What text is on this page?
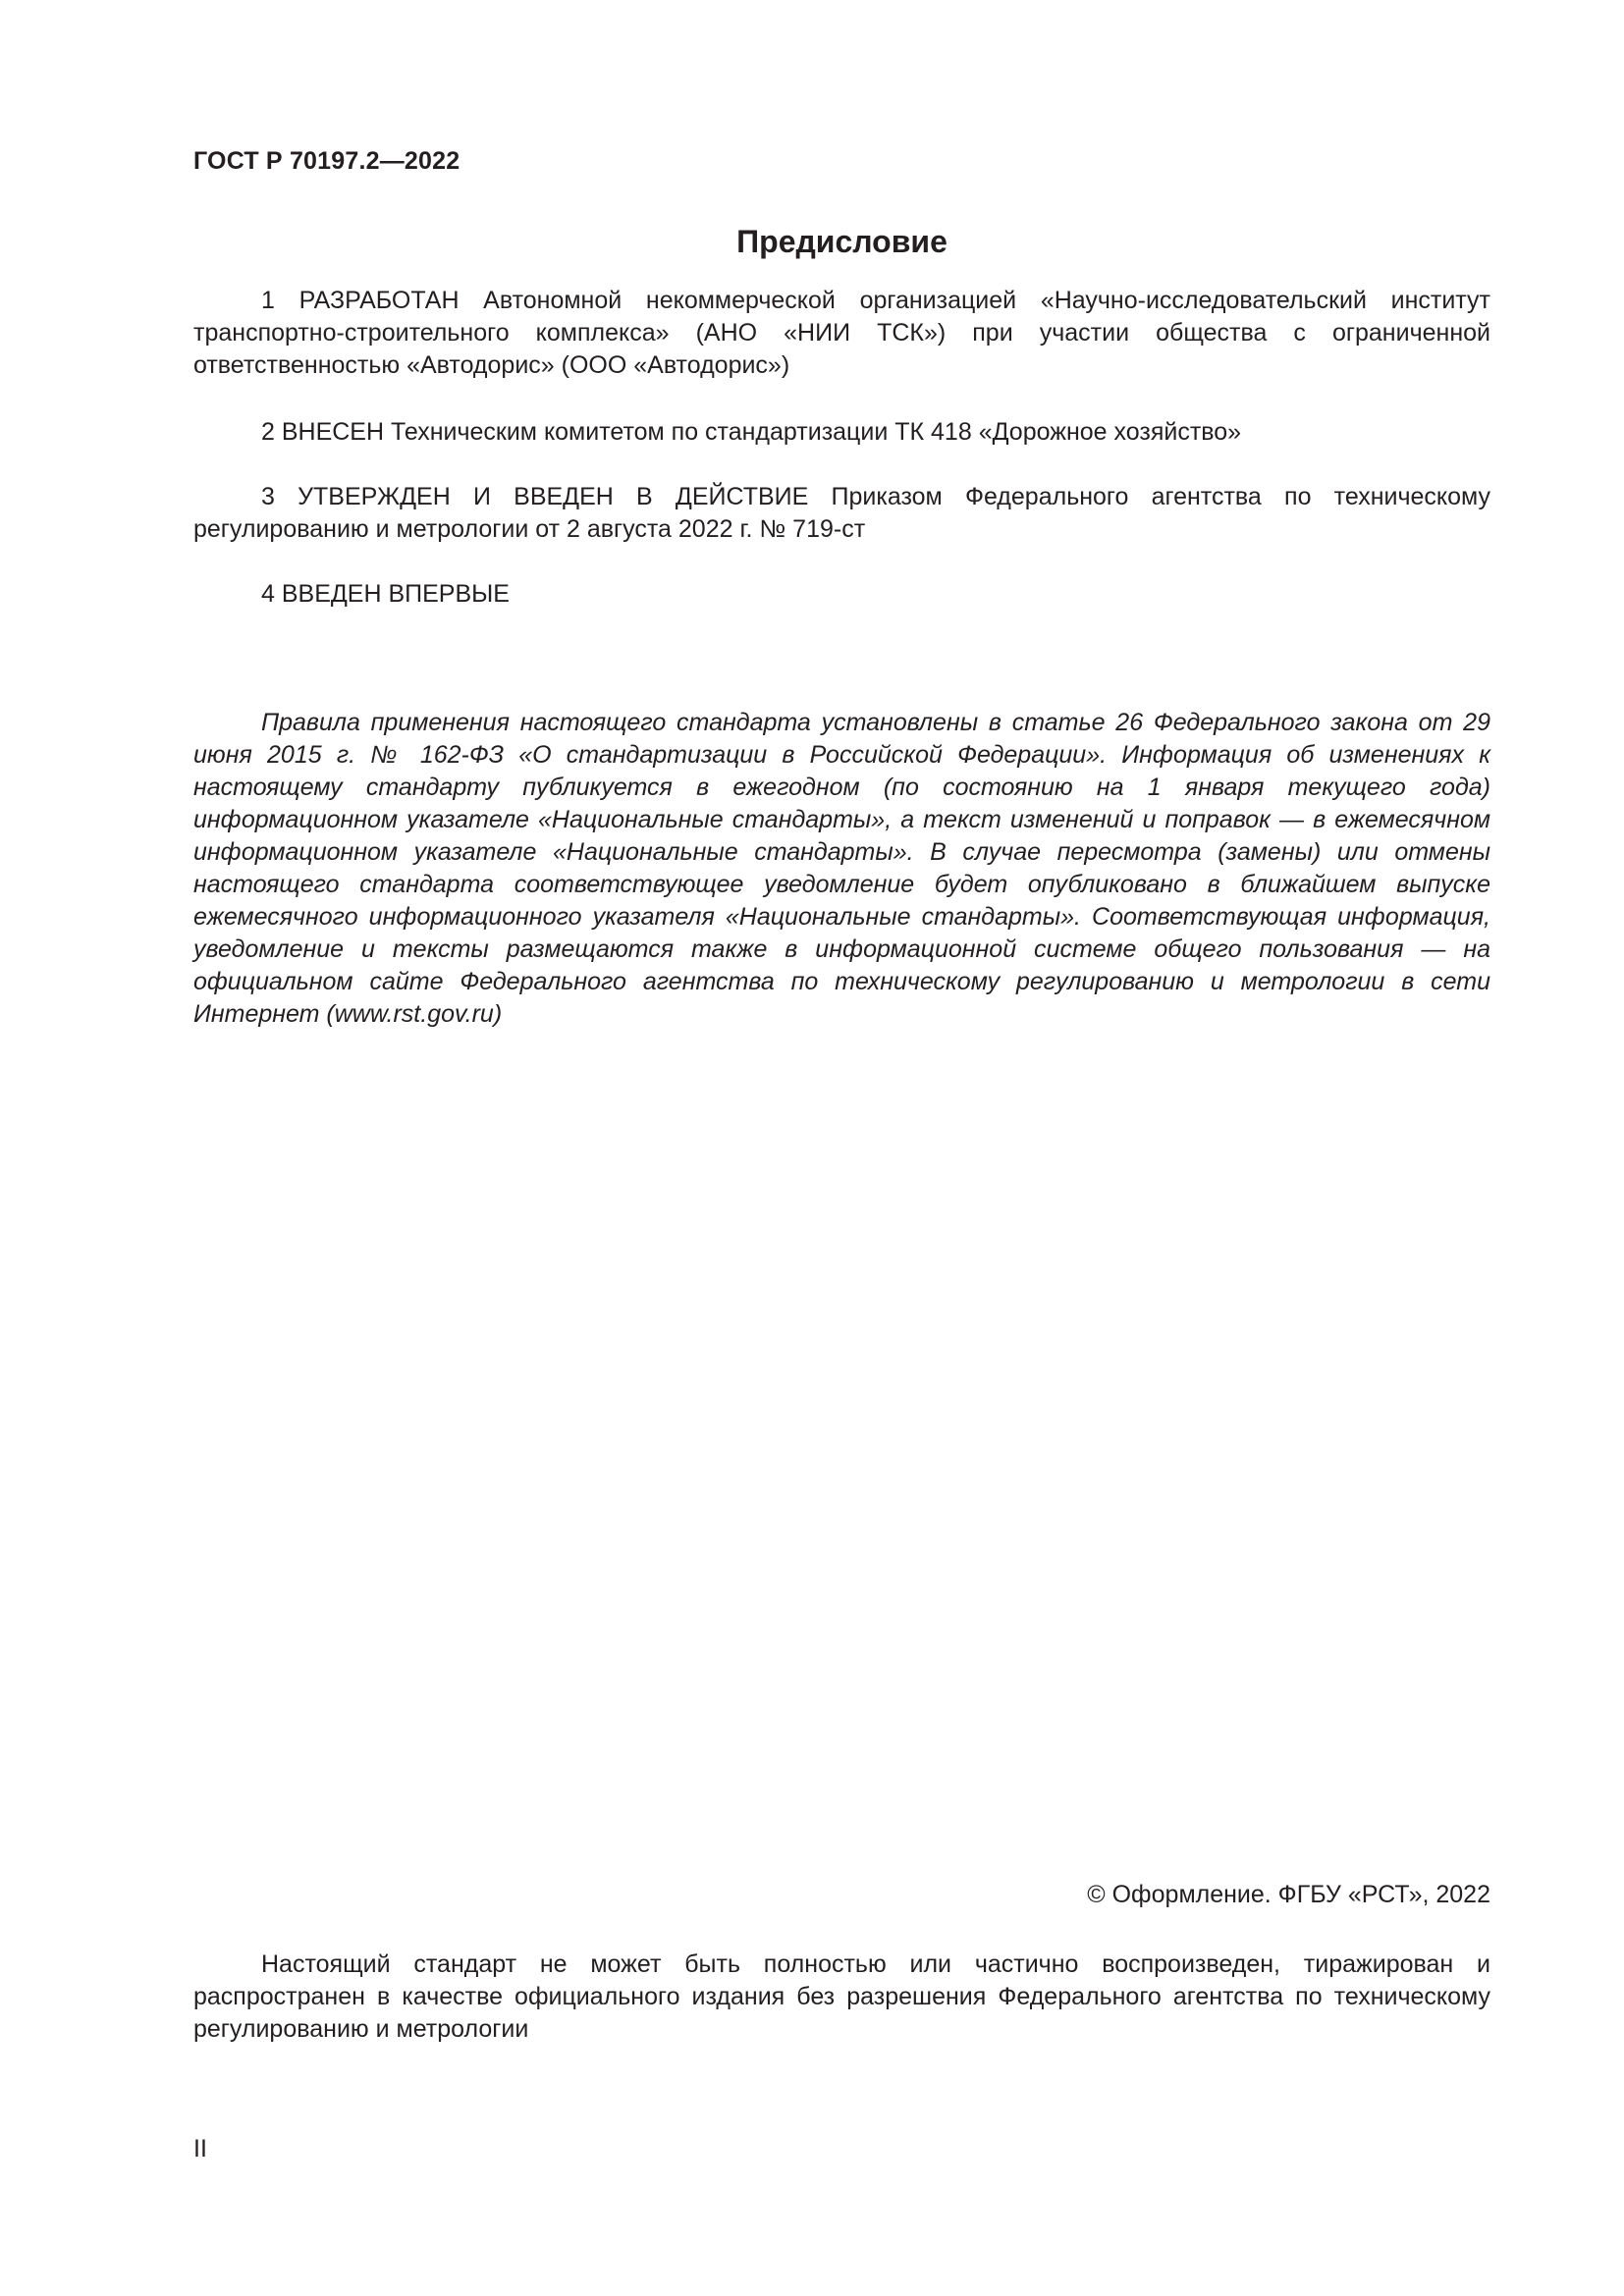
ГОСТ Р 70197.2—2022
Предисловие

1 РАЗРАБОТАН Автономной некоммерческой организацией «Научно-исследовательский институт транспортно-строительного комплекса» (АНО «НИИ ТСК») при участии общества с ограниченной ответственностью «Автодорис» (ООО «Автодорис»)

2 ВНЕСЕН Техническим комитетом по стандартизации ТК 418 «Дорожное хозяйство»

3 УТВЕРЖДЕН И ВВЕДЕН В ДЕЙСТВИЕ Приказом Федерального агентства по техническому регулированию и метрологии от 2 августа 2022 г. № 719-ст

4 ВВЕДЕН ВПЕРВЫЕ

Правила применения настоящего стандарта установлены в статье 26 Федерального закона от 29 июня 2015 г. № 162-ФЗ «О стандартизации в Российской Федерации». Информация об изменениях к настоящему стандарту публикуется в ежегодном (по состоянию на 1 января текущего года) информационном указателе «Национальные стандарты», а текст изменений и поправок — в ежемесячном информационном указателе «Национальные стандарты». В случае пересмотра (замены) или отмены настоящего стандарта соответствующее уведомление будет опубликовано в ближайшем выпуске ежемесячного информационного указателя «Национальные стандарты». Соответствующая информация, уведомление и тексты размещаются также в информационной системе общего пользования — на официальном сайте Федерального агентства по техническому регулированию и метрологии в сети Интернет (www.rst.gov.ru)

© Оформление. ФГБУ «РСТ», 2022

Настоящий стандарт не может быть полностью или частично воспроизведен, тиражирован и распространен в качестве официального издания без разрешения Федерального агентства по техническому регулированию и метрологии

II
